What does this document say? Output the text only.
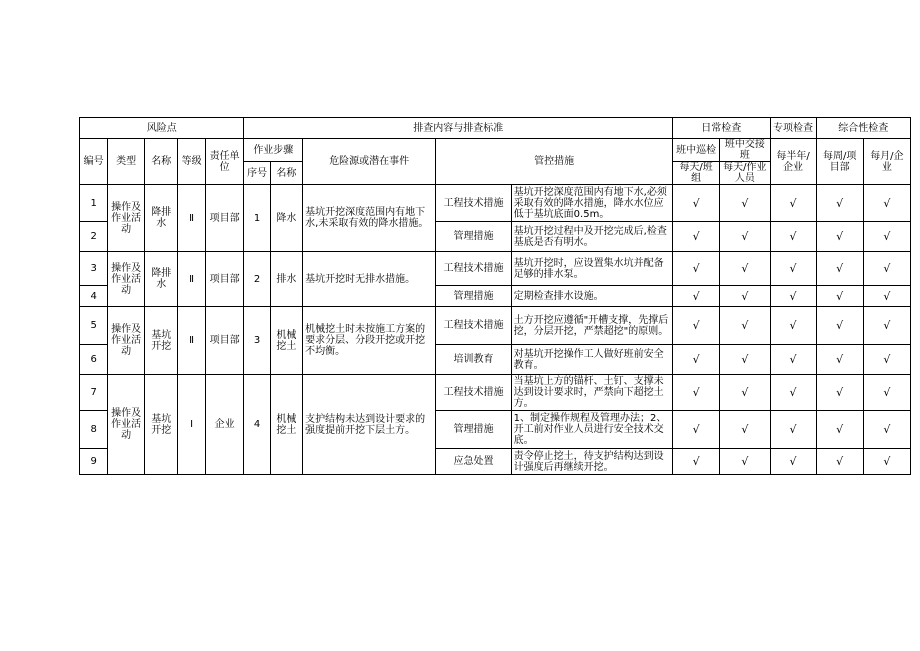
风险点					排查内容与排查标准					日常检查		专项检查	综合性检查	
编号	类型	名称	等级	责任单位	作业步骤		危险源或潜在事件	管控措施		班中巡检	班中交接班	每半年/企业	每周/项目部	每月/企业
					序号	名称				每天/班组	每天/作业人员			
1	操作及作业活动	降排水	Ⅱ	项目部	1	降水	基坑开挖深度范围内有地下水,未采取有效的降水措施。	工程技术措施	基坑开挖深度范围内有地下水,必须采取有效的降水措施，降水水位应低于基坑底面0.5m。	√	√	√	√	√
2								管理措施	基坑开挖过程中及开挖完成后,检查基底是否有明水。	√	√	√	√	√
3	操作及作业活动	降排水	Ⅱ	项目部	2	排水	基坑开挖时无排水措施。	工程技术措施	基坑开挖时，应设置集水坑并配备足够的排水泵。	√	√	√	√	√
4								管理措施	定期检查排水设施。	√	√	√	√	√
5	操作及作业活动	基坑开挖	Ⅱ	项目部	3	机械挖土	机械挖土时未按施工方案的要求分层、分段开挖或开挖不均衡。	工程技术措施	土方开挖应遵循"开槽支撑，先撑后挖，分层开挖，严禁超挖"的原则。	√	√	√	√	√
6								培训教育	对基坑开挖操作工人做好班前安全教育。	√	√	√	√	√
7	操作及作业活动	基坑开挖	Ⅰ	企业	4	机械挖土	支护结构未达到设计要求的强度提前开挖下层土方。	工程技术措施	当基坑上方的锚杆、土钉、支撑未达到设计要求时，严禁向下超挖土方。	√	√	√	√	√
8								管理措施	1、制定操作规程及管理办法；2、开工前对作业人员进行安全技术交底。	√	√	√	√	√
9								应急处置	责令停止挖土，待支护结构达到设计强度后再继续开挖。	√	√	√	√	√
